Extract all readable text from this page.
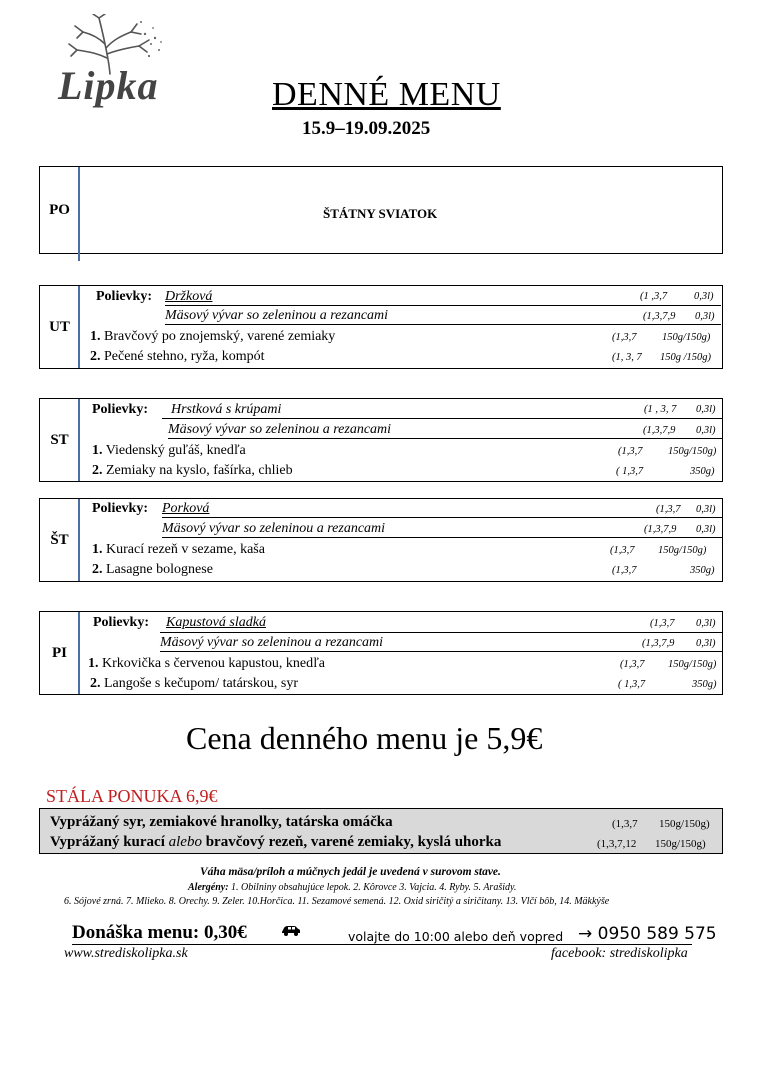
Lipka	DENNÉ MENU
15.9–19.09.2025
PO	ŠTÁTNY SVIATOK
UT
Polievky: Držková	(1 ,3,7	0,3l)
Mäsový vývar so zeleninou a rezancami	(1,3,7,9 0,3l)
1. Bravčový po znojemský, varené zemiaky	(1,3,7 150g/150g)
2. Pečené stehno, ryža, kompót	(1, 3, 7 150g /150g)
ST
Polievky: Hrstková s krúpami	(1 , 3, 7 0,3l)
Mäsový vývar so zeleninou a rezancami	(1,3,7,9 0,3l)
1. Viedenský guľáš, knedľa	(1,3,7 150g/150g)
2. Zemiaky na kyslo, fašírka, chlieb	( 1,3,7	350g)
ŠT
Polievky: Porková	(1,3,7 0,3l)
Mäsový vývar so zeleninou a rezancami	(1,3,7,9 0,3l)
1. Kurací rezeň v sezame, kaša	(1,3,7 150g/150g)
2. Lasagne bolognese	(1,3,7	350g)
PI
Polievky: Kapustová sladká	(1,3,7 0,3l)
Mäsový vývar so zeleninou a rezancami	(1,3,7,9 0,3l)
1. Krkovička s červenou kapustou, knedľa	(1,3,7 150g/150g)
2. Langoše s kečupom/ tatárskou, syr	( 1,3,7	350g)
Cena denného menu je 5,9€
STÁLA PONUKA 6,9€
Vyprážaný syr, zemiakové hranolky, tatárska omáčka	(1,3,7 150g/150g)
Vyprážaný kurací alebo bravčový rezeň, varené zemiaky, kyslá uhorka	(1,3,7,12 150g/150g)
Váha mäsa/príloh a múčnych jedál je uvedená v surovom stave.
Alergény: 1. Obilniny obsahujúce lepok. 2. Kôrovce 3. Vajcia. 4. Ryby. 5. Arašidy.
6. Sójové zrná. 7. Mlieko. 8. Orechy. 9. Zeler. 10.Horčica. 11. Sezamové semená. 12. Oxid siričitý a siričitany. 13. Vlčí bôb, 14. Mäkkýše
Donáška menu: 0,30€	volajte do 10:00 alebo deň vopred → 0950 589 575
www.strediskolipka.sk	facebook: strediskolipka
